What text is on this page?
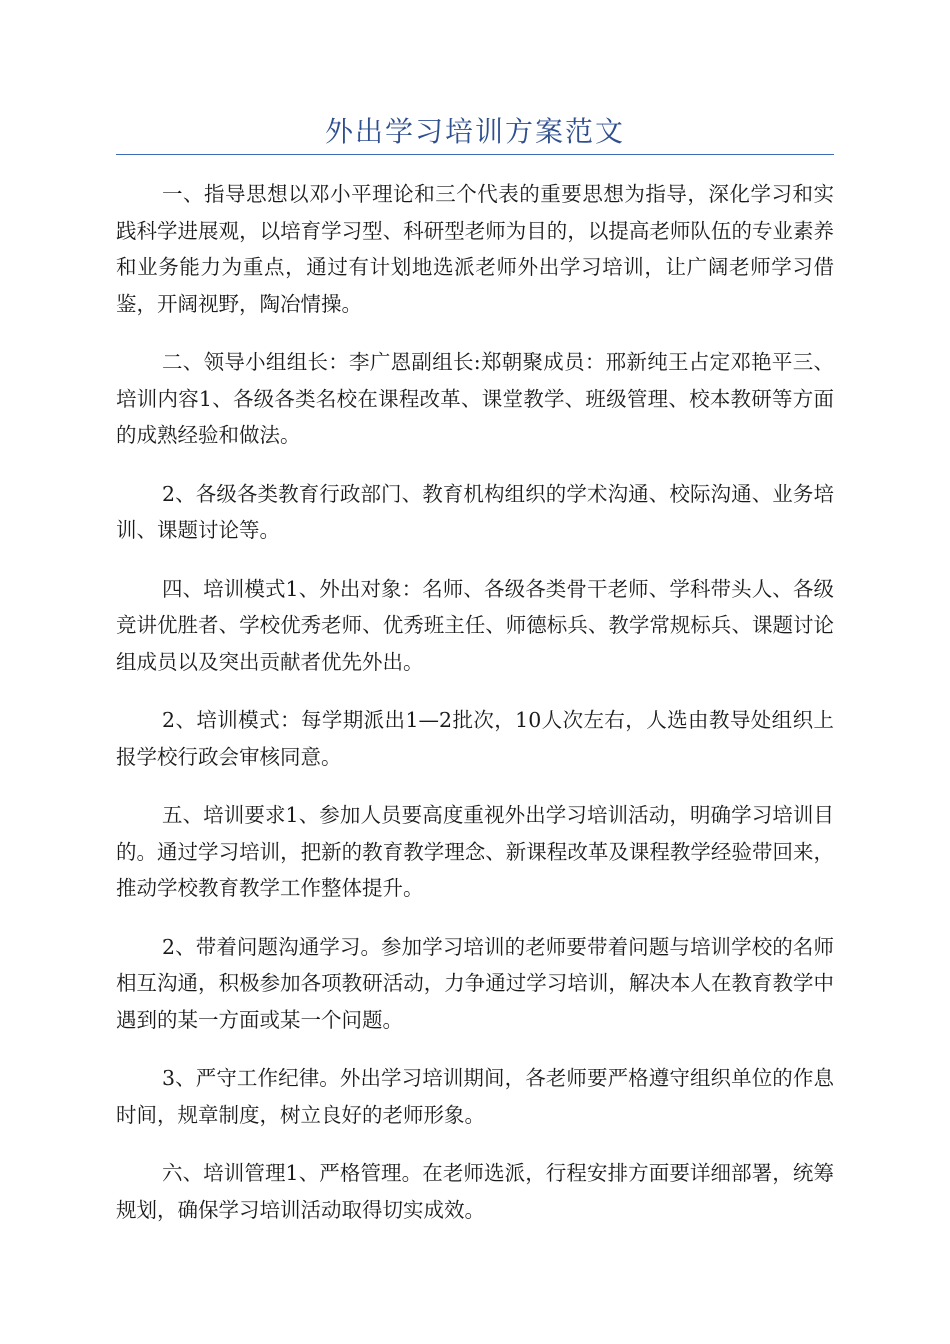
外出学习培训方案范文

一、指导思想以邓小平理论和三个代表的重要思想为指导，深化学习和实践科学进展观，以培育学习型、科研型老师为目的，以提高老师队伍的专业素养和业务能力为重点，通过有计划地选派老师外出学习培训，让广阔老师学习借鉴，开阔视野，陶冶情操。

二、领导小组组长：李广恩副组长:郑朝聚成员：邢新纯王占定邓艳平三、培训内容1、各级各类名校在课程改革、课堂教学、班级管理、校本教研等方面的成熟经验和做法。

2、各级各类教育行政部门、教育机构组织的学术沟通、校际沟通、业务培训、课题讨论等。

四、培训模式1、外出对象：名师、各级各类骨干老师、学科带头人、各级竞讲优胜者、学校优秀老师、优秀班主任、师德标兵、教学常规标兵、课题讨论组成员以及突出贡献者优先外出。

2、培训模式：每学期派出1—2批次，10人次左右，人选由教导处组织上报学校行政会审核同意。

五、培训要求1、参加人员要高度重视外出学习培训活动，明确学习培训目的。通过学习培训，把新的教育教学理念、新课程改革及课程教学经验带回来，推动学校教育教学工作整体提升。

2、带着问题沟通学习。参加学习培训的老师要带着问题与培训学校的名师相互沟通，积极参加各项教研活动，力争通过学习培训，解决本人在教育教学中遇到的某一方面或某一个问题。

3、严守工作纪律。外出学习培训期间，各老师要严格遵守组织单位的作息时间，规章制度，树立良好的老师形象。

六、培训管理1、严格管理。在老师选派，行程安排方面要详细部署，统筹规划，确保学习培训活动取得切实成效。
